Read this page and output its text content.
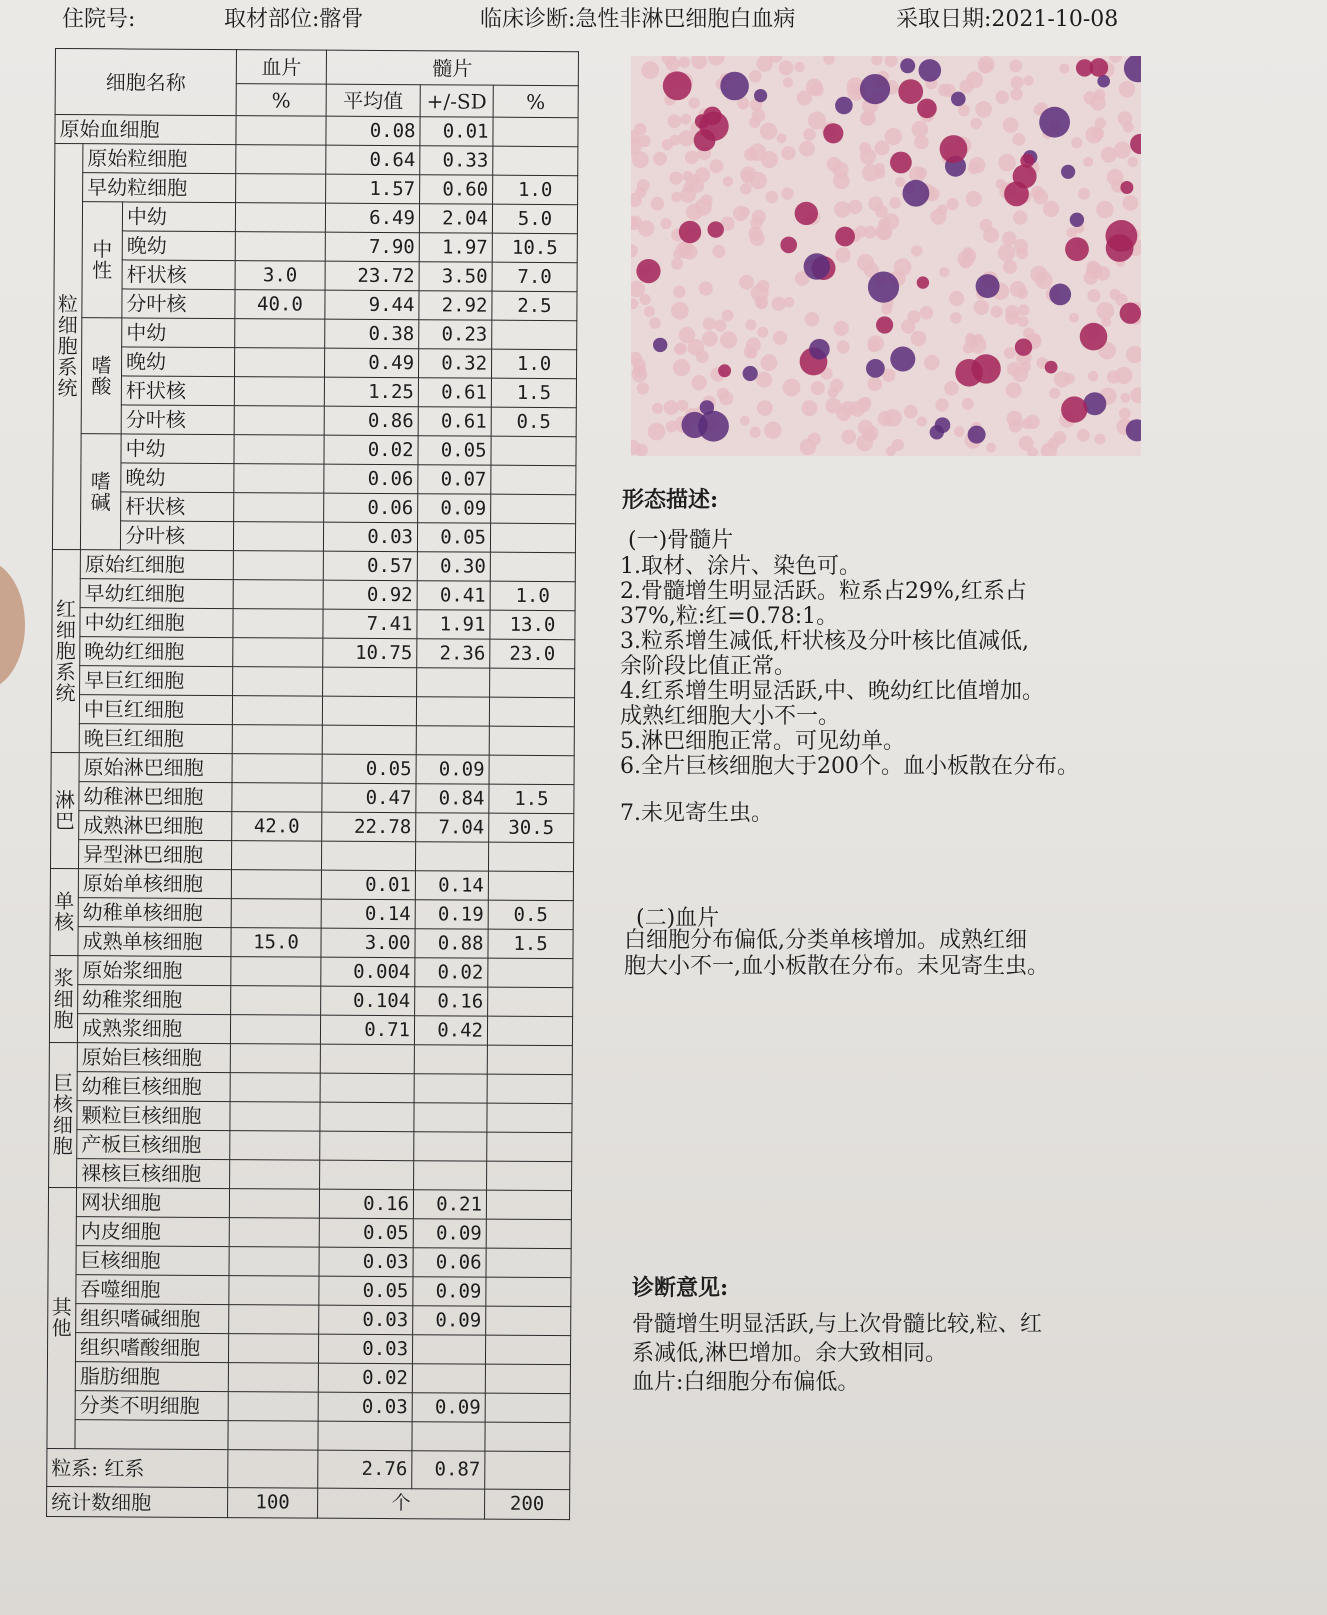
住院号:	取材部位:髂骨	临床诊断:急性非淋巴细胞白血病	采取日期:2021-10-08
细胞名称			血片	髓片		
			%	平均值	+/-SD	%
原始血细胞				0.08	0.01	
粒细胞系统	原始粒细胞			0.64	0.33	
	早幼粒细胞			1.57	0.60	1.0
	中性	中幼		6.49	2.04	5.0
		晚幼		7.90	1.97	10.5
		杆状核	3.0	23.72	3.50	7.0
		分叶核	40.0	9.44	2.92	2.5
	嗜酸	中幼		0.38	0.23	
		晚幼		0.49	0.32	1.0
		杆状核		1.25	0.61	1.5
		分叶核		0.86	0.61	0.5
	嗜碱	中幼		0.02	0.05	
		晚幼		0.06	0.07	
		杆状核		0.06	0.09	
		分叶核		0.03	0.05	
红细胞系统	原始红细胞			0.57	0.30	
	早幼红细胞			0.92	0.41	1.0
	中幼红细胞			7.41	1.91	13.0
	晚幼红细胞			10.75	2.36	23.0
	早巨红细胞					
	中巨红细胞					
	晚巨红细胞					
淋巴	原始淋巴细胞			0.05	0.09	
	幼稚淋巴细胞			0.47	0.84	1.5
	成熟淋巴细胞		42.0	22.78	7.04	30.5
	异型淋巴细胞					
单核	原始单核细胞			0.01	0.14	
	幼稚单核细胞			0.14	0.19	0.5
	成熟单核细胞		15.0	3.00	0.88	1.5
浆细胞	原始浆细胞			0.004	0.02	
	幼稚浆细胞			0.104	0.16	
	成熟浆细胞			0.71	0.42	
巨核细胞	原始巨核细胞					
	幼稚巨核细胞					
	颗粒巨核细胞					
	产板巨核细胞					
	裸核巨核细胞					
其他	网状细胞			0.16	0.21	
	内皮细胞			0.05	0.09	
	巨核细胞			0.03	0.06	
	吞噬细胞			0.05	0.09	
	组织嗜碱细胞			0.03	0.09	
	组织嗜酸细胞			0.03		
	脂肪细胞			0.02		
	分类不明细胞			0.03	0.09	

粒系: 红系				2.76	0.87	
统计数细胞			100	个		200
形态描述:
(一)骨髓片
1.取材、涂片、染色可。
2.骨髓增生明显活跃。粒系占29%,红系占
37%,粒:红=0.78:1。
3.粒系增生减低,杆状核及分叶核比值减低,
余阶段比值正常。
4.红系增生明显活跃,中、晚幼红比值增加。
成熟红细胞大小不一。
5.淋巴细胞正常。可见幼单。
6.全片巨核细胞大于200个。血小板散在分布。
7.未见寄生虫。
(二)血片
白细胞分布偏低,分类单核增加。成熟红细
胞大小不一,血小板散在分布。未见寄生虫。
诊断意见:
骨髓增生明显活跃,与上次骨髓比较,粒、红
系减低,淋巴增加。余大致相同。
血片:白细胞分布偏低。
